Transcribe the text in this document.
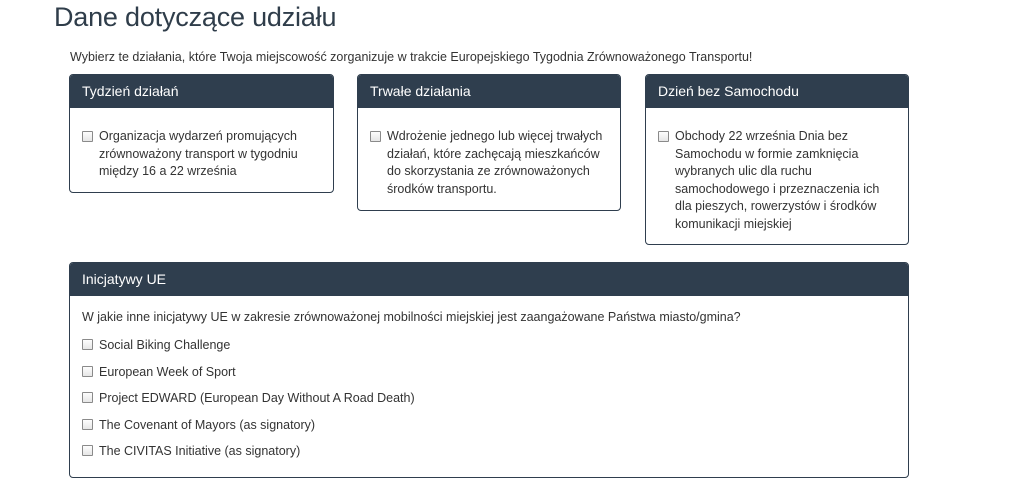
Dane dotyczące udziału
Wybierz te działania, które Twoja miejscowość zorganizuje w trakcie Europejskiego Tygodnia Zrównoważonego Transportu!
Tydzień działań
Organizacja wydarzeń promujących zrównoważony transport w tygodniu między 16 a 22 września
Trwałe działania
Wdrożenie jednego lub więcej trwałych działań, które zachęcają mieszkańców do skorzystania ze zrównoważonych środków transportu.
Dzień bez Samochodu
Obchody 22 września Dnia bez Samochodu w formie zamknięcia wybranych ulic dla ruchu samochodowego i przeznaczenia ich dla pieszych, rowerzystów i środków komunikacji miejskiej
Inicjatywy UE
W jakie inne inicjatywy UE w zakresie zrównoważonej mobilności miejskiej jest zaangażowane Państwa miasto/gmina?
Social Biking Challenge
European Week of Sport
Project EDWARD (European Day Without A Road Death)
The Covenant of Mayors (as signatory)
The CIVITAS Initiative (as signatory)
